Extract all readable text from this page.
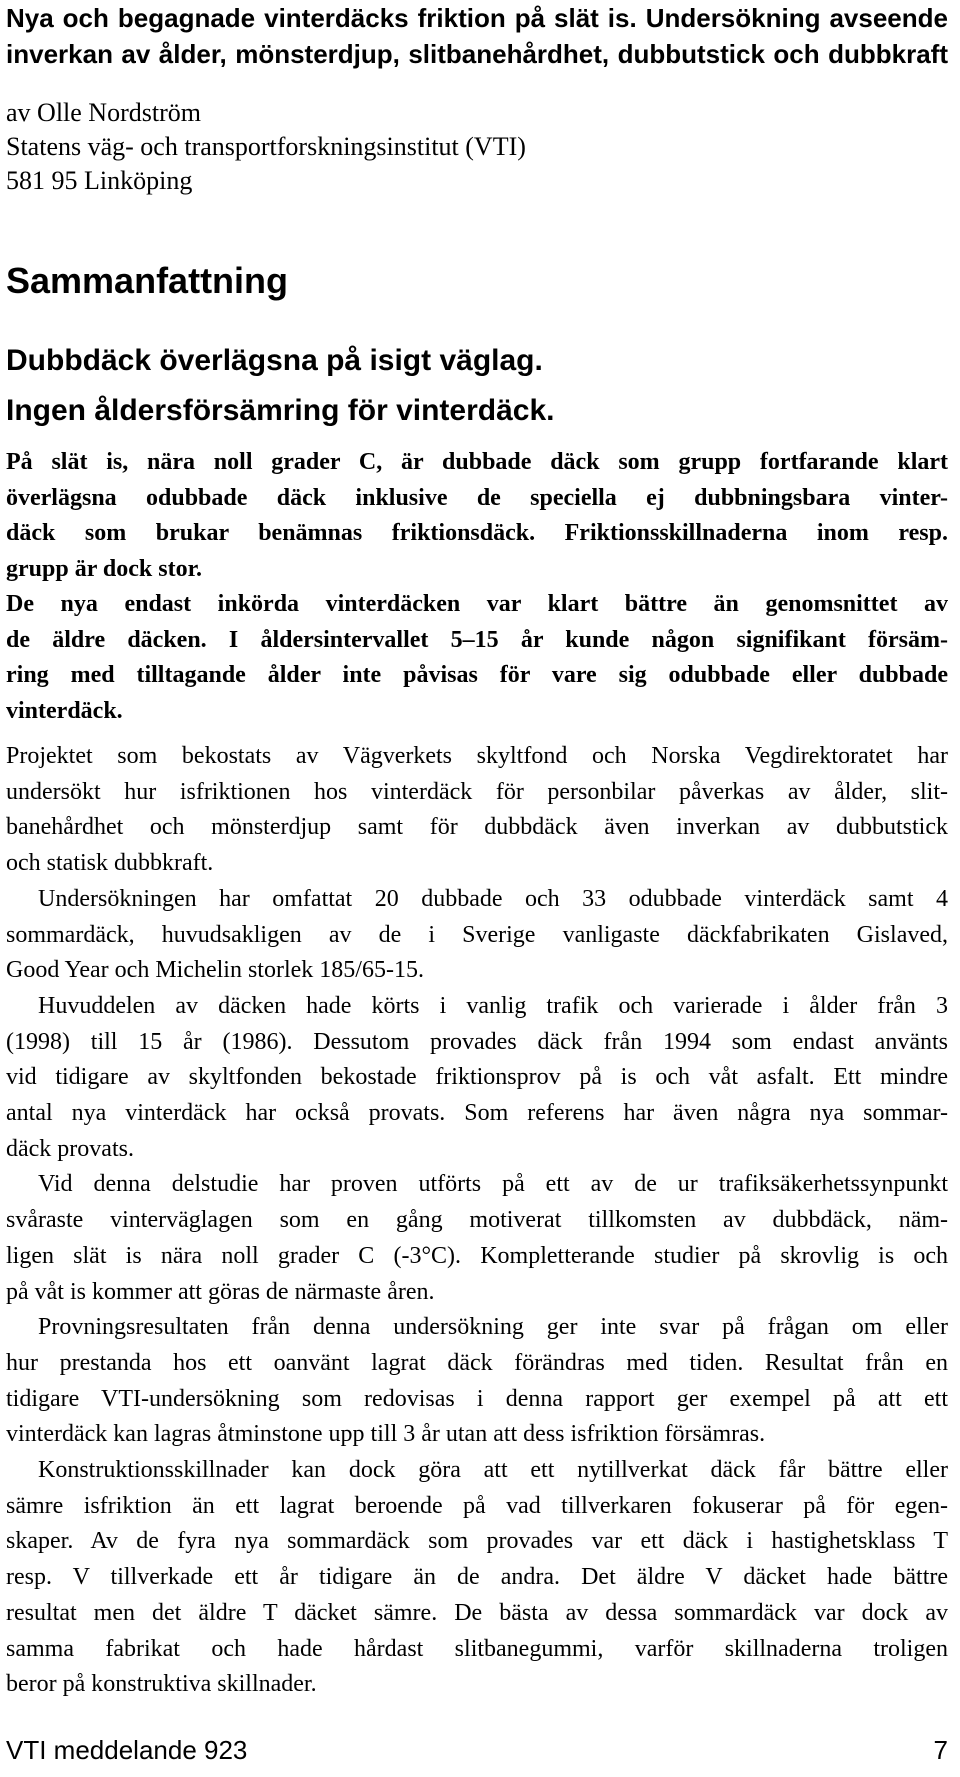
Nya och begagnade vinterdäcks friktion på slät is. Undersökning avseende
inverkan av ålder, mönsterdjup, slitbanehårdhet, dubbutstick och dubbkraft
av Olle Nordström
Statens väg- och transportforskningsinstitut (VTI)
581 95 Linköping
Sammanfattning
Dubbdäck överlägsna på isigt väglag.
Ingen åldersförsämring för vinterdäck.
På slät is, nära noll grader C, är dubbade däck som grupp fortfarande klart
överlägsna odubbade däck inklusive de speciella ej dubbningsbara vinter-
däck som brukar benämnas friktionsdäck. Friktionsskillnaderna inom resp.
grupp är dock stor.
De nya endast inkörda vinterdäcken var klart bättre än genomsnittet av
de äldre däcken. I åldersintervallet 5–15 år kunde någon signifikant försäm-
ring med tilltagande ålder inte påvisas för vare sig odubbade eller dubbade
vinterdäck.
Projektet som bekostats av Vägverkets skyltfond och Norska Vegdirektoratet har
undersökt hur isfriktionen hos vinterdäck för personbilar påverkas av ålder, slit-
banehårdhet och mönsterdjup samt för dubbdäck även inverkan av dubbutstick
och statisk dubbkraft.
Undersökningen har omfattat 20 dubbade och 33 odubbade vinterdäck samt 4
sommardäck, huvudsakligen av de i Sverige vanligaste däckfabrikaten Gislaved,
Good Year och Michelin storlek 185/65-15.
Huvuddelen av däcken hade körts i vanlig trafik och varierade i ålder från 3
(1998) till 15 år (1986). Dessutom provades däck från 1994 som endast använts
vid tidigare av skyltfonden bekostade friktionsprov på is och våt asfalt. Ett mindre
antal nya vinterdäck har också provats. Som referens har även några nya sommar-
däck provats.
Vid denna delstudie har proven utförts på ett av de ur trafiksäkerhetssynpunkt
svåraste vinterväglagen som en gång motiverat tillkomsten av dubbdäck, näm-
ligen slät is nära noll grader C (-3°C). Kompletterande studier på skrovlig is och
på våt is kommer att göras de närmaste åren.
Provningsresultaten från denna undersökning ger inte svar på frågan om eller
hur prestanda hos ett oanvänt lagrat däck förändras med tiden. Resultat från en
tidigare VTI-undersökning som redovisas i denna rapport ger exempel på att ett
vinterdäck kan lagras åtminstone upp till 3 år utan att dess isfriktion försämras.
Konstruktionsskillnader kan dock göra att ett nytillverkat däck får bättre eller
sämre isfriktion än ett lagrat beroende på vad tillverkaren fokuserar på för egen-
skaper. Av de fyra nya sommardäck som provades var ett däck i hastighetsklass T
resp. V tillverkade ett år tidigare än de andra. Det äldre V däcket hade bättre
resultat men det äldre T däcket sämre. De bästa av dessa sommardäck var dock av
samma fabrikat och hade hårdast slitbanegummi, varför skillnaderna troligen
beror på konstruktiva skillnader.
VTI meddelande 923	7
